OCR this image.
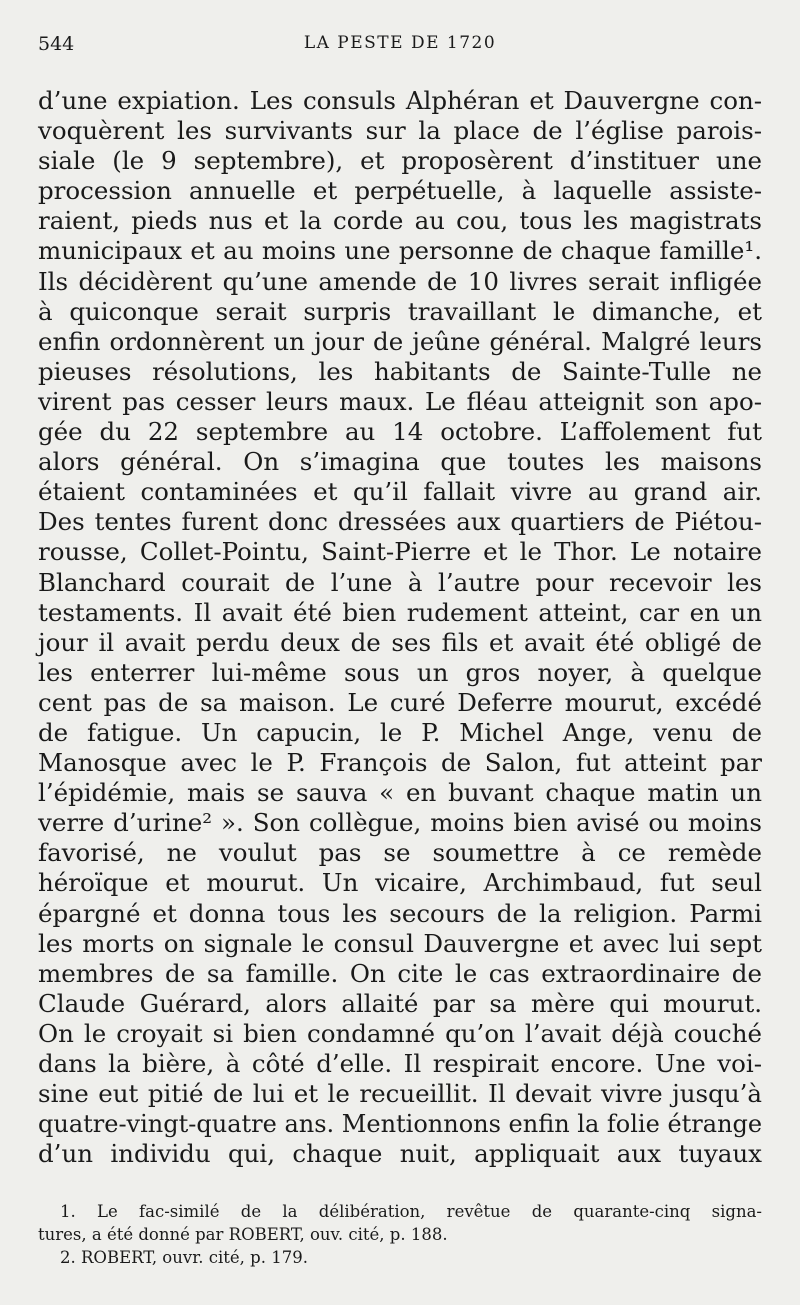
544	LA PESTE DE 1720
d’une expiation. Les consuls Alphéran et Dauvergne con-
voquèrent les survivants sur la place de l’église parois-
siale (le 9 septembre), et proposèrent d’instituer une
procession annuelle et perpétuelle, à laquelle assiste-
raient, pieds nus et la corde au cou, tous les magistrats
municipaux et au moins une personne de chaque famille¹.
Ils décidèrent qu’une amende de 10 livres serait infligée
à quiconque serait surpris travaillant le dimanche, et
enfin ordonnèrent un jour de jeûne général. Malgré leurs
pieuses résolutions, les habitants de Sainte-Tulle ne
virent pas cesser leurs maux. Le fléau atteignit son apo-
gée du 22 septembre au 14 octobre. L’affolement fut
alors général. On s’imagina que toutes les maisons
étaient contaminées et qu’il fallait vivre au grand air.
Des tentes furent donc dressées aux quartiers de Piétou-
rousse, Collet-Pointu, Saint-Pierre et le Thor. Le notaire
Blanchard courait de l’une à l’autre pour recevoir les
testaments. Il avait été bien rudement atteint, car en un
jour il avait perdu deux de ses fils et avait été obligé de
les enterrer lui-même sous un gros noyer, à quelque
cent pas de sa maison. Le curé Deferre mourut, excédé
de fatigue. Un capucin, le P. Michel Ange, venu de
Manosque avec le P. François de Salon, fut atteint par
l’épidémie, mais se sauva « en buvant chaque matin un
verre d’urine² ». Son collègue, moins bien avisé ou moins
favorisé, ne voulut pas se soumettre à ce remède
héroïque et mourut. Un vicaire, Archimbaud, fut seul
épargné et donna tous les secours de la religion. Parmi
les morts on signale le consul Dauvergne et avec lui sept
membres de sa famille. On cite le cas extraordinaire de
Claude Guérard, alors allaité par sa mère qui mourut.
On le croyait si bien condamné qu’on l’avait déjà couché
dans la bière, à côté d’elle. Il respirait encore. Une voi-
sine eut pitié de lui et le recueillit. Il devait vivre jusqu’à
quatre-vingt-quatre ans. Mentionnons enfin la folie étrange
d’un individu qui, chaque nuit, appliquait aux tuyaux
1. Le fac-similé de la délibération, revêtue de quarante-cinq signa-
tures, a été donné par ROBERT, ouv. cité, p. 188.
2. ROBERT, ouvr. cité, p. 179.
